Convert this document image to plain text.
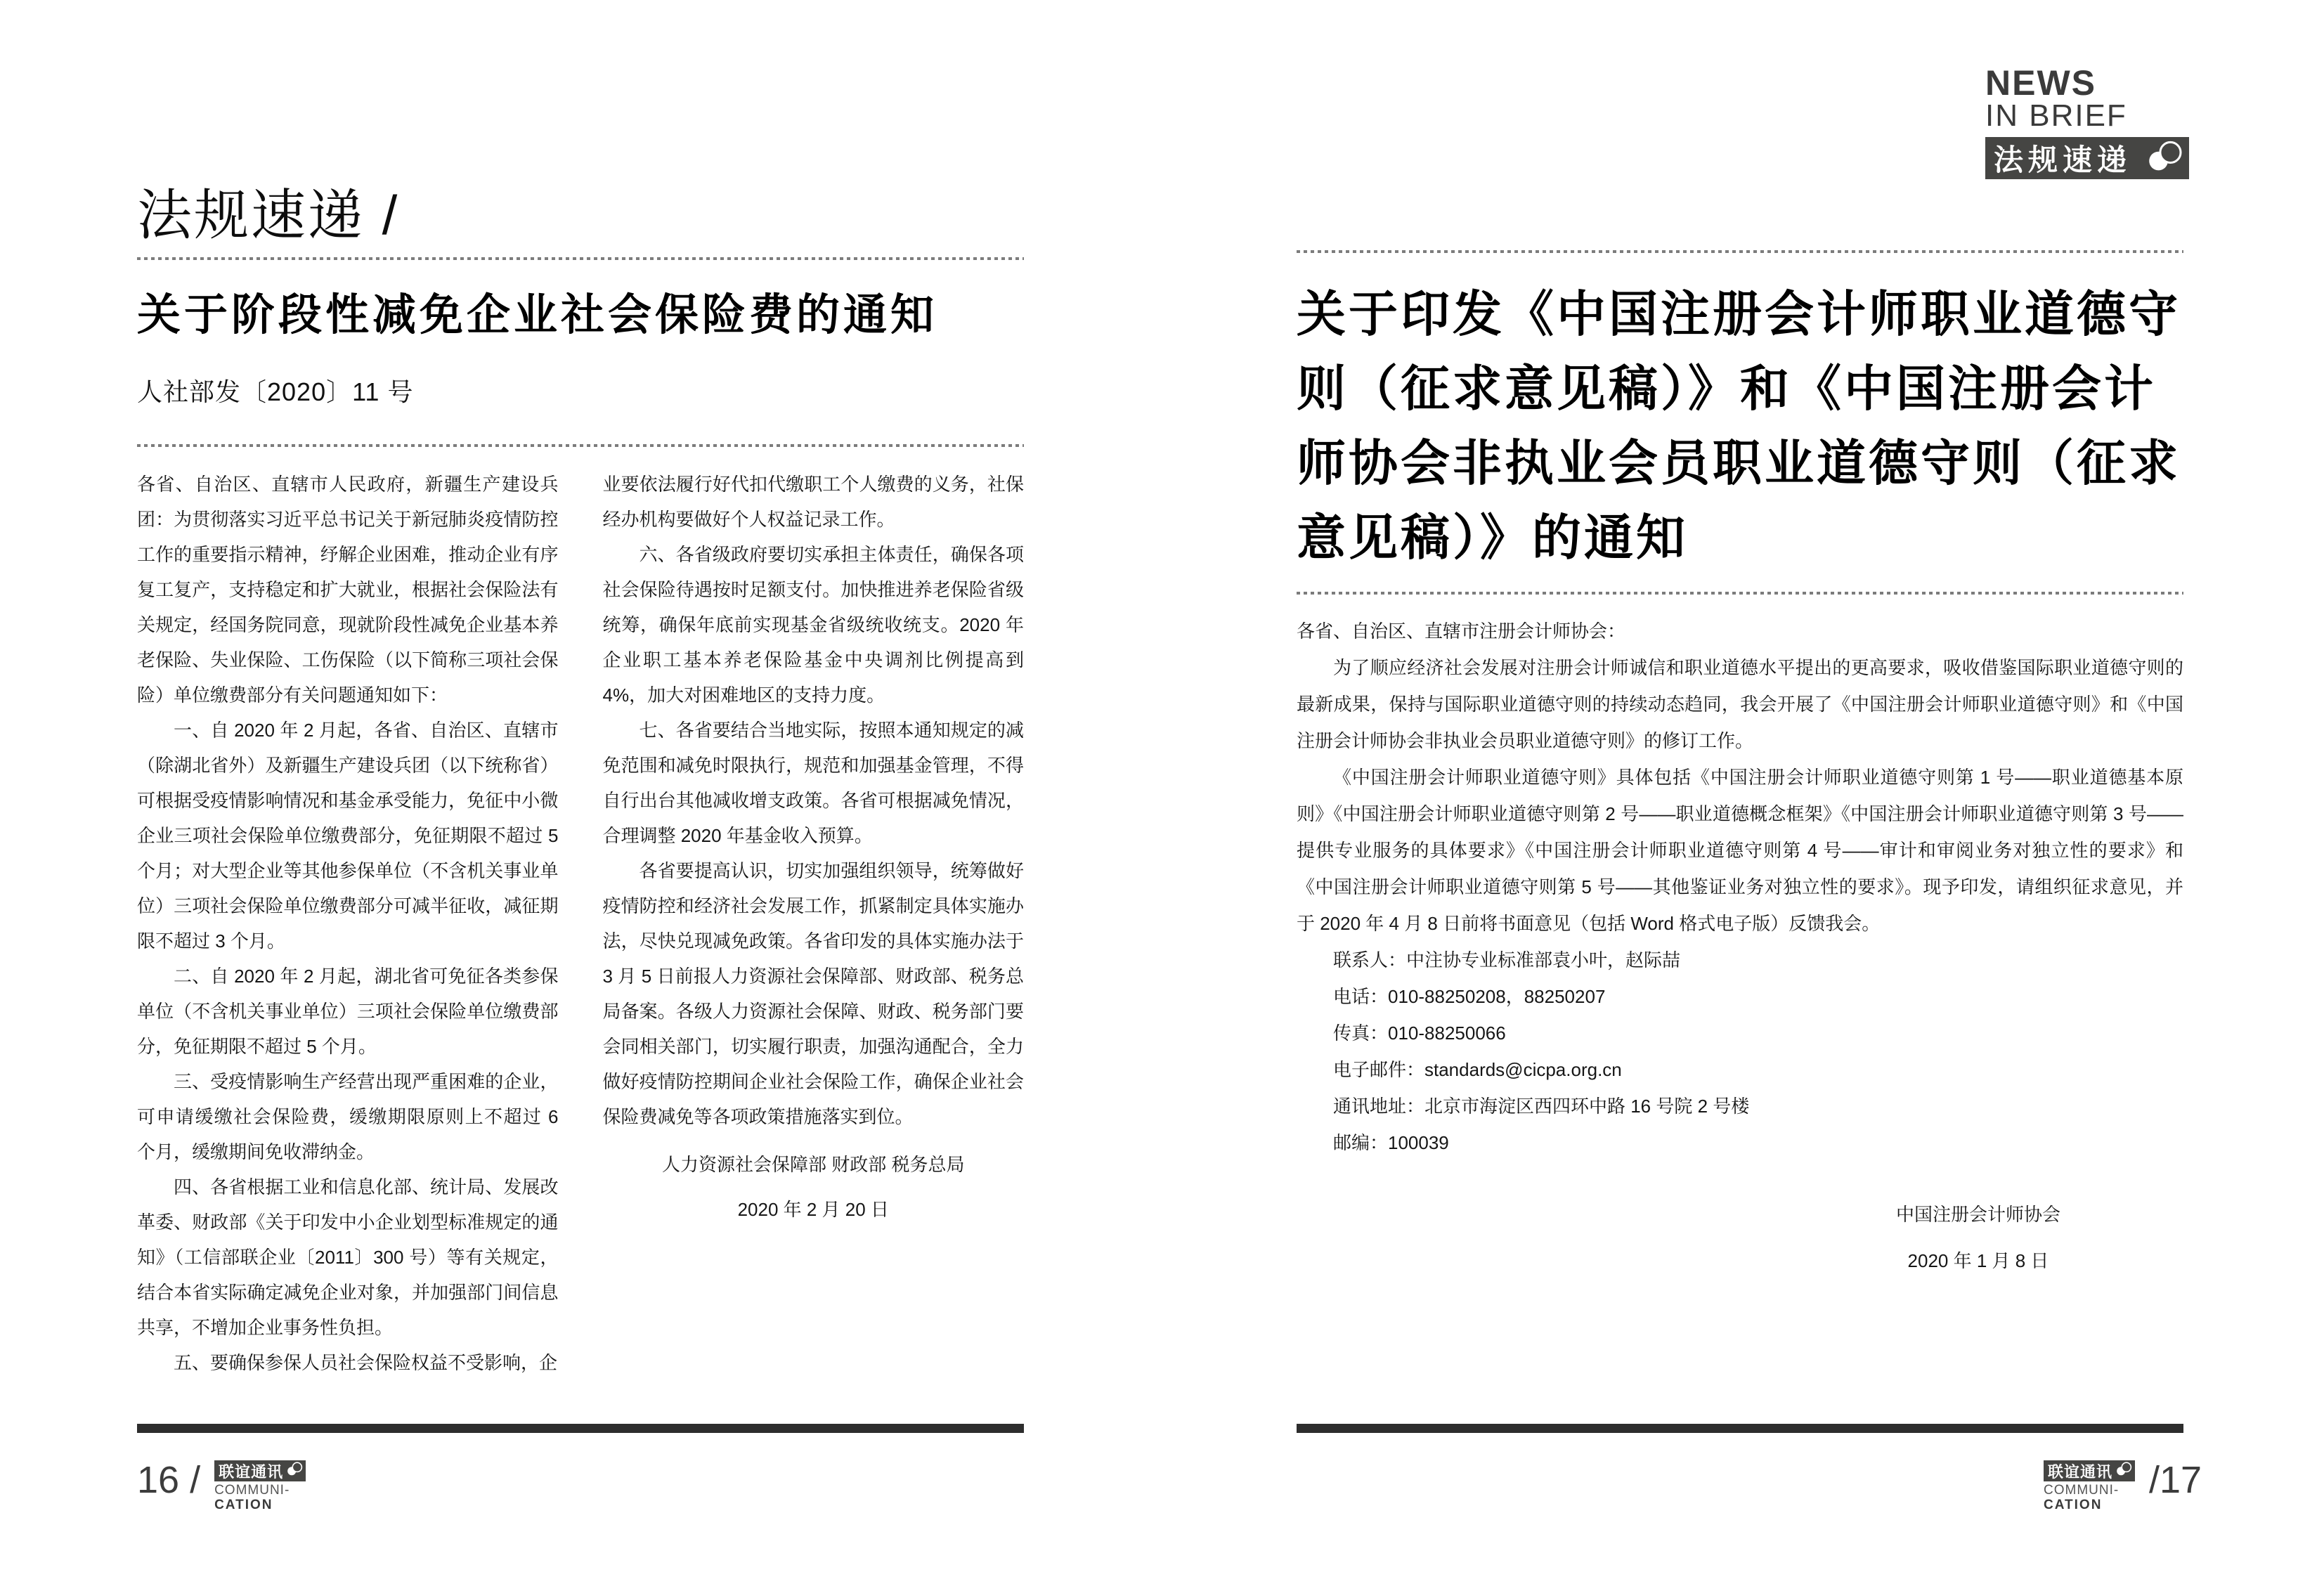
法规速递 /
关于阶段性减免企业社会保险费的通知
人社部发〔2020〕11 号

各省、自治区、直辖市人民政府，新疆生产建设兵团：为贯彻落实习近平总书记关于新冠肺炎疫情防控工作的重要指示精神，纾解企业困难，推动企业有序复工复产，支持稳定和扩大就业，根据社会保险法有关规定，经国务院同意，现就阶段性减免企业基本养老保险、失业保险、工伤保险（以下简称三项社会保险）单位缴费部分有关问题通知如下：

一、自 2020 年 2 月起，各省、自治区、直辖市（除湖北省外）及新疆生产建设兵团（以下统称省）可根据受疫情影响情况和基金承受能力，免征中小微企业三项社会保险单位缴费部分，免征期限不超过 5 个月；对大型企业等其他参保单位（不含机关事业单位）三项社会保险单位缴费部分可减半征收，减征期限不超过 3 个月。

二、自 2020 年 2 月起，湖北省可免征各类参保单位（不含机关事业单位）三项社会保险单位缴费部分，免征期限不超过 5 个月。

三、受疫情影响生产经营出现严重困难的企业，可申请缓缴社会保险费，缓缴期限原则上不超过 6 个月，缓缴期间免收滞纳金。

四、各省根据工业和信息化部、统计局、发展改革委、财政部《关于印发中小企业划型标准规定的通知》（工信部联企业〔2011〕300 号）等有关规定，结合本省实际确定减免企业对象，并加强部门间信息共享，不增加企业事务性负担。

五、要确保参保人员社会保险权益不受影响，企

业要依法履行好代扣代缴职工个人缴费的义务，社保经办机构要做好个人权益记录工作。

六、各省级政府要切实承担主体责任，确保各项社会保险待遇按时足额支付。加快推进养老保险省级统筹，确保年底前实现基金省级统收统支。2020 年企业职工基本养老保险基金中央调剂比例提高到 4%，加大对困难地区的支持力度。

七、各省要结合当地实际，按照本通知规定的减免范围和减免时限执行，规范和加强基金管理，不得自行出台其他减收增支政策。各省可根据减免情况，合理调整 2020 年基金收入预算。

各省要提高认识，切实加强组织领导，统筹做好疫情防控和经济社会发展工作，抓紧制定具体实施办法，尽快兑现减免政策。各省印发的具体实施办法于 3 月 5 日前报人力资源社会保障部、财政部、税务总局备案。各级人力资源社会保障、财政、税务部门要会同相关部门，切实履行职责，加强沟通配合，全力做好疫情防控期间企业社会保险工作，确保企业社会保险费减免等各项政策措施落实到位。

人力资源社会保障部 财政部 税务总局
2020 年 2 月 20 日
NEWS
IN BRIEF
法规速递
关于印发《中国注册会计师职业道德守
则（征求意见稿）》和《中国注册会计
师协会非执业会员职业道德守则（征求
意见稿）》的通知

各省、自治区、直辖市注册会计师协会：

为了顺应经济社会发展对注册会计师诚信和职业道德水平提出的更高要求，吸收借鉴国际职业道德守则的最新成果，保持与国际职业道德守则的持续动态趋同，我会开展了《中国注册会计师职业道德守则》和《中国注册会计师协会非执业会员职业道德守则》的修订工作。

《中国注册会计师职业道德守则》具体包括《中国注册会计师职业道德守则第 1 号——职业道德基本原则》《中国注册会计师职业道德守则第 2 号——职业道德概念框架》《中国注册会计师职业道德守则第 3 号——提供专业服务的具体要求》《中国注册会计师职业道德守则第 4 号——审计和审阅业务对独立性的要求》和《中国注册会计师职业道德守则第 5 号——其他鉴证业务对独立性的要求》。现予印发，请组织征求意见，并于 2020 年 4 月 8 日前将书面意见（包括 Word 格式电子版）反馈我会。

联系人：中注协专业标准部袁小叶，赵际喆

电话：010-88250208，88250207

传真：010-88250066

电子邮件：standards@cicpa.org.cn

通讯地址：北京市海淀区西四环中路 16 号院 2 号楼

邮编：100039

中国注册会计师协会
2020 年 1 月 8 日
16 / 联谊通讯
COMMUNI-
CATION
联谊通讯
COMMUNI-
CATION
/17
